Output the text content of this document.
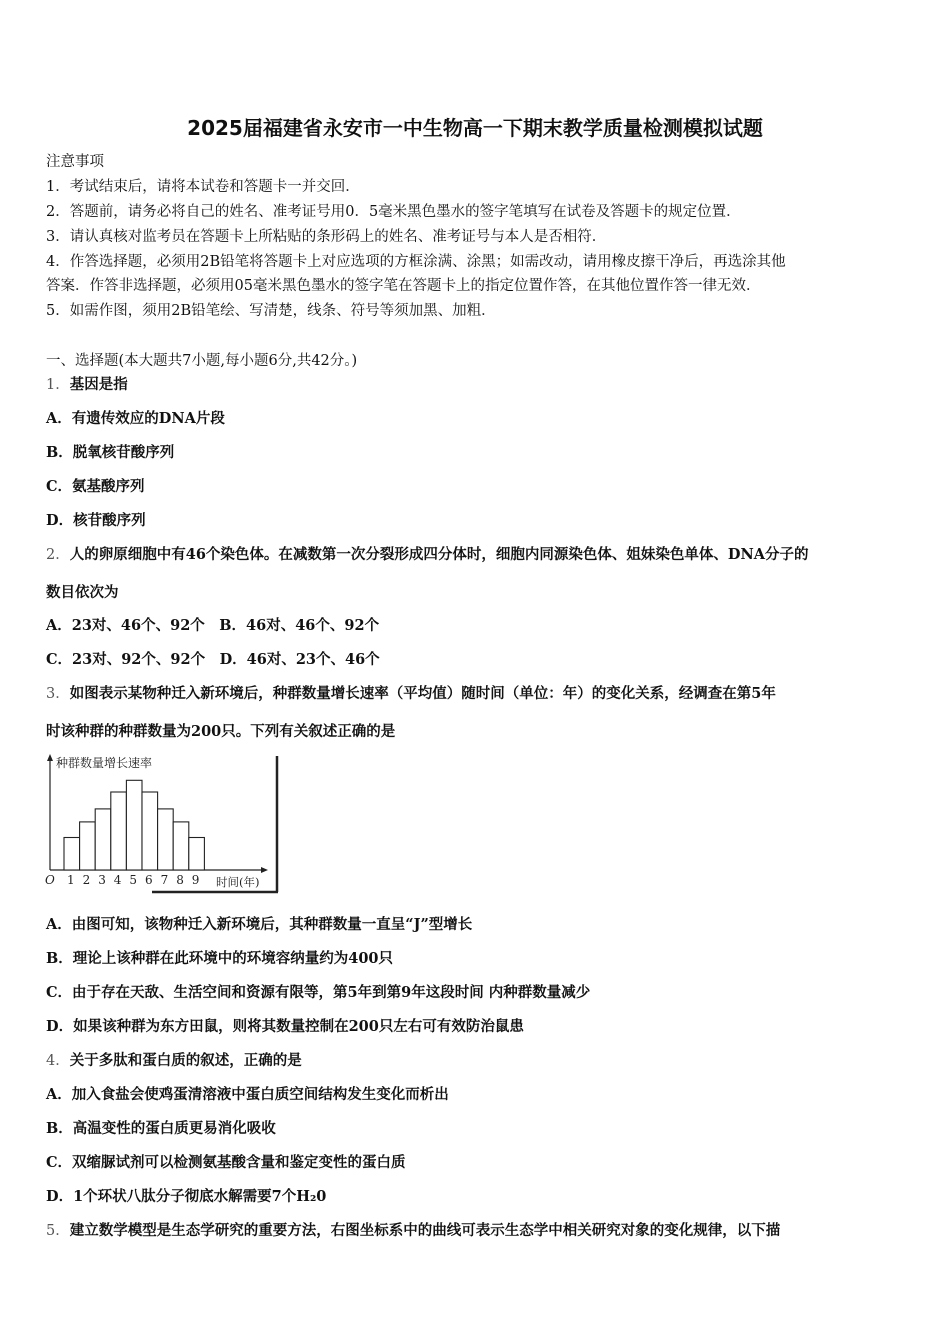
2025届福建省永安市一中生物高一下期末教学质量检测模拟试题
注意事项
1．考试结束后，请将本试卷和答题卡一并交回．
2．答题前，请务必将自己的姓名、准考证号用0．5毫米黑色墨水的签字笔填写在试卷及答题卡的规定位置．
3．请认真核对监考员在答题卡上所粘贴的条形码上的姓名、准考证号与本人是否相符．
4．作答选择题，必须用2B铅笔将答题卡上对应选项的方框涂满、涂黑；如需改动，请用橡皮擦干净后，再选涂其他
答案．作答非选择题，必须用05毫米黑色墨水的签字笔在答题卡上的指定位置作答，在其他位置作答一律无效．
5．如需作图，须用2B铅笔绘、写清楚，线条、符号等须加黑、加粗．
一、选择题(本大题共7小题,每小题6分,共42分。)
1．基因是指
A．有遗传效应的DNA片段
B．脱氧核苷酸序列
C．氨基酸序列
D．核苷酸序列
2．人的卵原细胞中有46个染色体。在减数第一次分裂形成四分体时，细胞内同源染色体、姐妹染色单体、DNA分子的
数目依次为
A．23对、46个、92个　B．46对、46个、92个
C．23对、92个、92个　D．46对、23个、46个
3．如图表示某物种迁入新环境后，种群数量增长速率（平均值）随时间（单位：年）的变化关系，经调查在第5年
时该种群的种群数量为200只。下列有关叙述正确的是
种群数量增长速率
O	时间(年)
1 2 3 4 5 6 7 8 9
A．由图可知，该物种迁入新环境后，其种群数量一直呈“J”型增长
B．理论上该种群在此环境中的环境容纳量约为400只
C．由于存在天敌、生活空间和资源有限等，第5年到第9年这段时间 内种群数量减少
D．如果该种群为东方田鼠，则将其数量控制在200只左右可有效防治鼠患
4．关于多肽和蛋白质的叙述，正确的是
A．加入食盐会使鸡蛋清溶液中蛋白质空间结构发生变化而析出
B．高温变性的蛋白质更易消化吸收
C．双缩脲试剂可以检测氨基酸含量和鉴定变性的蛋白质
D．1个环状八肽分子彻底水解需要7个H₂0
5．建立数学模型是生态学研究的重要方法，右图坐标系中的曲线可表示生态学中相关研究对象的变化规律，以下描
